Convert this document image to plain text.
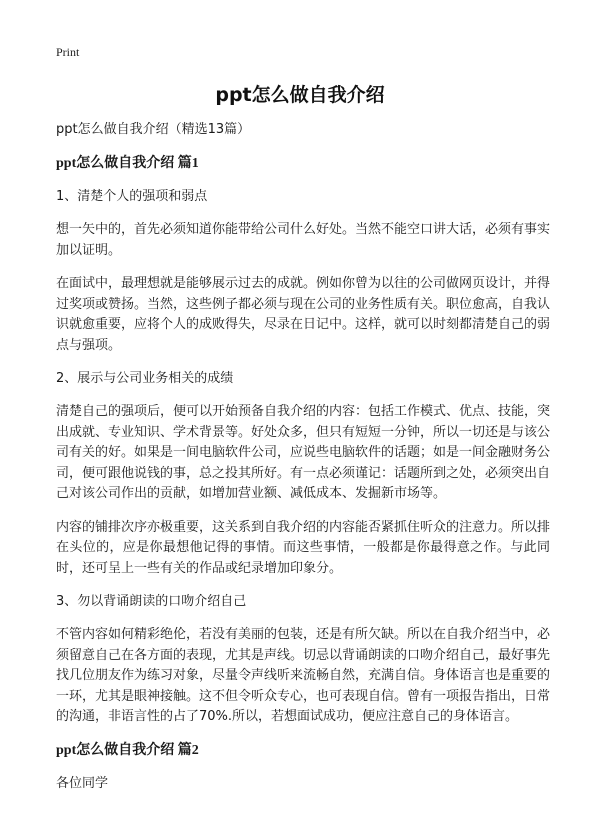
Print
ppt怎么做自我介绍

ppt怎么做自我介绍（精选13篇）

ppt怎么做自我介绍 篇1

1、清楚个人的强项和弱点

想一矢中的，首先必须知道你能带给公司什么好处。当然不能空口讲大话，必须有事实加以证明。

在面试中，最理想就是能够展示过去的成就。例如你曾为以往的公司做网页设计，并得过奖项或赞扬。当然，这些例子都必须与现在公司的业务性质有关。职位愈高，自我认识就愈重要，应将个人的成败得失，尽录在日记中。这样，就可以时刻都清楚自己的弱点与强项。

2、展示与公司业务相关的成绩

清楚自己的强项后，便可以开始预备自我介绍的内容：包括工作模式、优点、技能，突出成就、专业知识、学术背景等。好处众多，但只有短短一分钟，所以一切还是与该公司有关的好。如果是一间电脑软件公司，应说些电脑软件的话题；如是一间金融财务公司，便可跟他说钱的事，总之投其所好。有一点必须谨记：话题所到之处，必须突出自己对该公司作出的贡献，如增加营业额、减低成本、发掘新市场等。

内容的铺排次序亦极重要，这关系到自我介绍的内容能否紧抓住听众的注意力。所以排在头位的，应是你最想他记得的事情。而这些事情，一般都是你最得意之作。与此同时，还可呈上一些有关的作品或纪录增加印象分。

3、勿以背诵朗读的口吻介绍自己

不管内容如何精彩绝伦，若没有美丽的包装，还是有所欠缺。所以在自我介绍当中，必须留意自己在各方面的表现，尤其是声线。切忌以背诵朗读的口吻介绍自己，最好事先找几位朋友作为练习对象，尽量令声线听来流畅自然，充满自信。身体语言也是重要的一环，尤其是眼神接触。这不但令听众专心，也可表现自信。曾有一项报告指出，日常的沟通，非语言性的占了70%.所以，若想面试成功，便应注意自己的身体语言。

ppt怎么做自我介绍 篇2

各位同学
